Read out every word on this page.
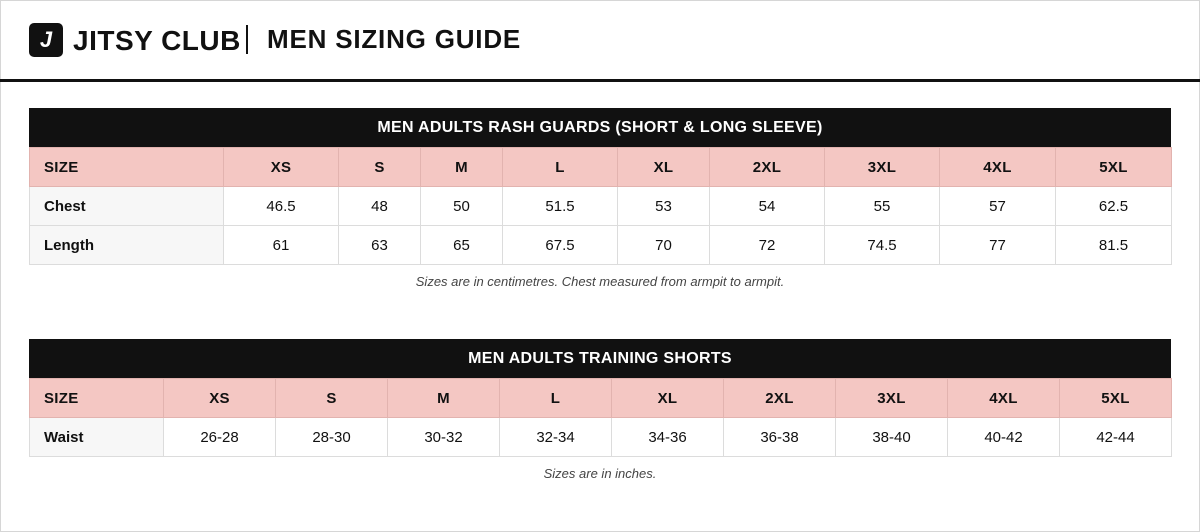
J JITSY CLUB MEN SIZING GUIDE
MEN ADULTS RASH GUARDS (SHORT & LONG SLEEVE)
SIZE	XS	S	M	L	XL	2XL	3XL	4XL	5XL
Chest	46.5	48	50	51.5	53	54	55	57	62.5
Length	61	63	65	67.5	70	72	74.5	77	81.5
Sizes are in centimetres. Chest measured from armpit to armpit.
MEN ADULTS TRAINING SHORTS
SIZE	XS	S	M	L	XL	2XL	3XL	4XL	5XL
Waist	26-28	28-30	30-32	32-34	34-36	36-38	38-40	40-42	42-44
Sizes are in inches.
